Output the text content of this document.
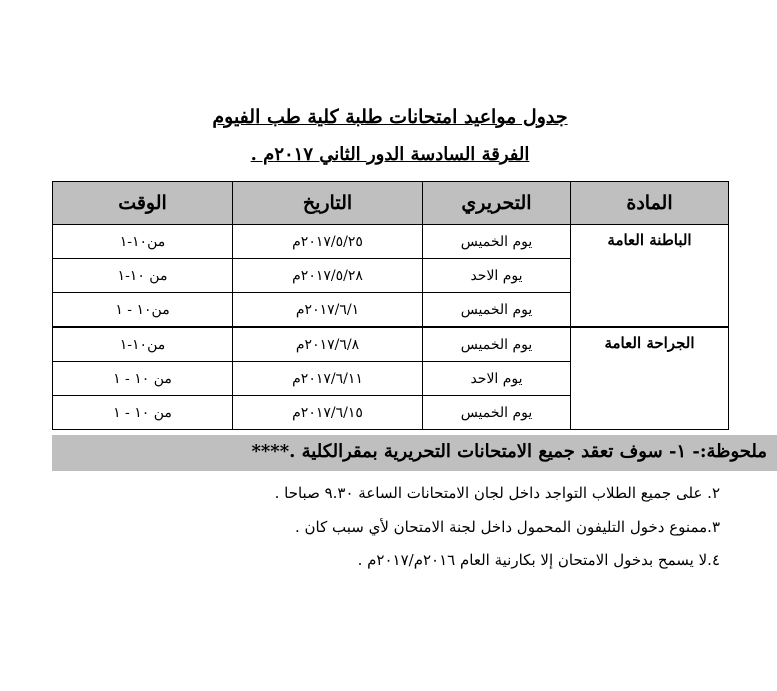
جدول مواعيد امتحانات طلبة كلية طب الفيوم
الفرقة السادسة الدور الثاني ٢٠١٧م .
المادة	التحريري	التاريخ	الوقت
الباطنة العامة	يوم الخميس	٢٠١٧/٥/٢٥م	من١٠-١
	يوم الاحد	٢٠١٧/٥/٢٨م	من ١٠-١
	يوم الخميس	٢٠١٧/٦/١م	من١٠ - ١
الجراحة العامة	يوم الخميس	٢٠١٧/٦/٨م	من١٠-١
	يوم الاحد	٢٠١٧/٦/١١م	من ١٠ - ١
	يوم الخميس	٢٠١٧/٦/١٥م	من ١٠ - ١
ملحوظة:- ١- سوف تعقد جميع الامتحانات التحريرية بمقرالكلية .****
٢. على جميع الطلاب التواجد داخل لجان الامتحانات الساعة ٩.٣٠ صباحا .
٣.ممنوع دخول التليفون المحمول داخل لجنة الامتحان لأي سبب كان .
٤.لا يسمح بدخول الامتحان إلا بكارنية العام ٢٠١٦م/٢٠١٧م .
